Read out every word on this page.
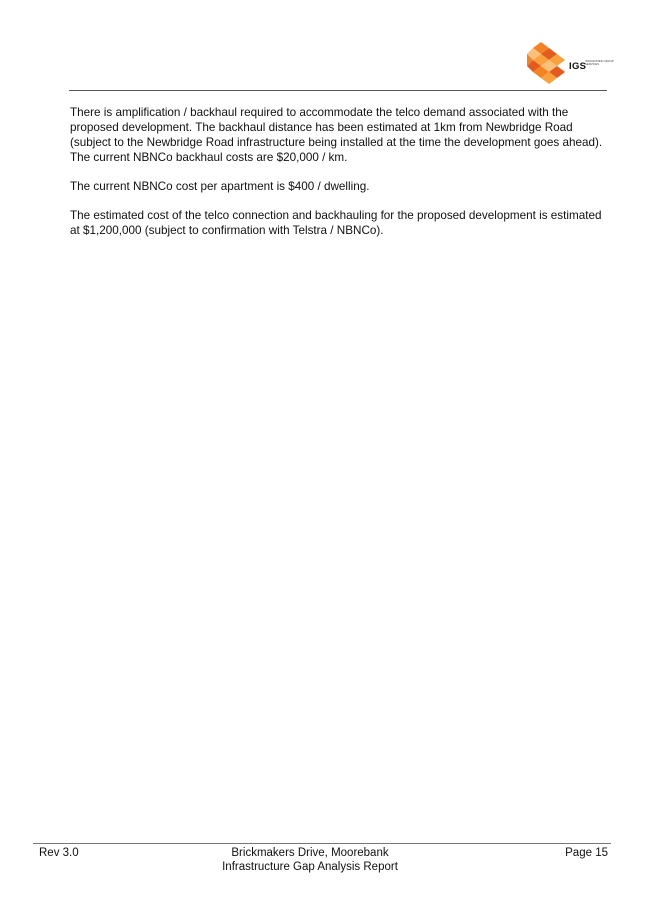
IGS
INTEGRATED GROUP SERVICES

There is amplification / backhaul required to accommodate the telco demand associated with the proposed development. The backhaul distance has been estimated at 1km from Newbridge Road (subject to the Newbridge Road infrastructure being installed at the time the development goes ahead). The current NBNCo backhaul costs are $20,000 / km.

The current NBNCo cost per apartment is $400 / dwelling.

The estimated cost of the telco connection and backhauling for the proposed development is estimated at $1,200,000 (subject to confirmation with Telstra / NBNCo).

Rev 3.0	Brickmakers Drive, Moorebank
Infrastructure Gap Analysis Report
Page 15
